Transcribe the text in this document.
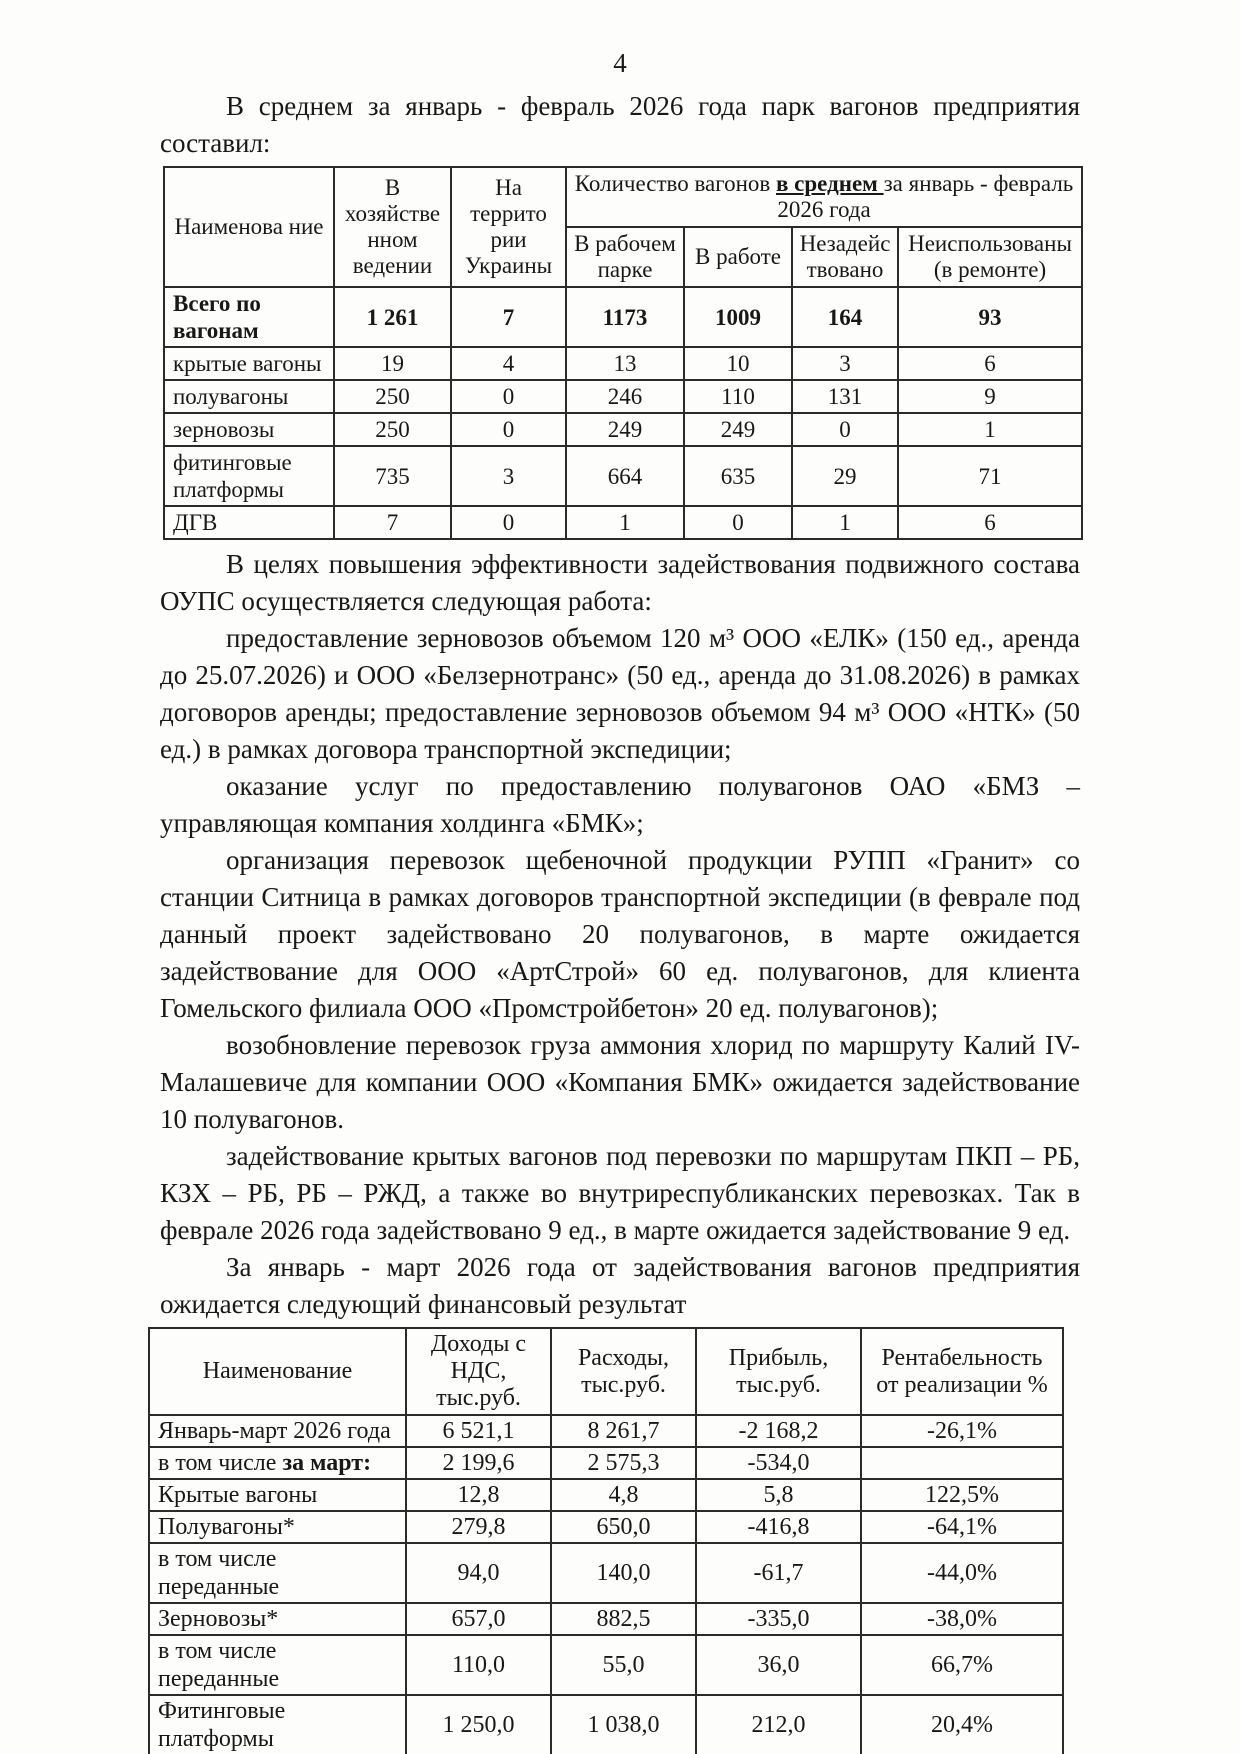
4

В среднем за январь - февраль 2026 года парк вагонов предприятия составил:

Наименова ние	В хозяйстве нном ведении	На террито рии Украины	Количество вагонов в среднем за январь - февраль 2026 года			
			В рабочем парке	В работе	Незадейс твовано	Неиспользованы (в ремонте)
Всего по вагонам	1 261	7	1173	1009	164	93
крытые вагоны	19	4	13	10	3	6
полувагоны	250	0	246	110	131	9
зерновозы	250	0	249	249	0	1
фитинговые платформы	735	3	664	635	29	71
ДГВ	7	0	1	0	1	6

В целях повышения эффективности задействования подвижного состава ОУПС осуществляется следующая работа:

предоставление зерновозов объемом 120 м³ ООО «ЕЛК» (150 ед., аренда до 25.07.2026) и ООО «Белзернотранс» (50 ед., аренда до 31.08.2026) в рамках договоров аренды; предоставление зерновозов объемом 94 м³ ООО «НТК» (50 ед.) в рамках договора транспортной экспедиции;

оказание услуг по предоставлению полувагонов ОАО «БМЗ – управляющая компания холдинга «БМК»;

организация перевозок щебеночной продукции РУПП «Гранит» со станции Ситница в рамках договоров транспортной экспедиции (в феврале под данный проект задействовано 20 полувагонов, в марте ожидается задействование для ООО «АртСтрой» 60 ед. полувагонов, для клиента Гомельского филиала ООО «Промстройбетон» 20 ед. полувагонов);

возобновление перевозок груза аммония хлорид по маршруту Калий IV-Малашевиче для компании ООО «Компания БМК» ожидается задействование 10 полувагонов.

задействование крытых вагонов под перевозки по маршрутам ПКП – РБ, КЗХ – РБ, РБ – РЖД, а также во внутриреспубликанских перевозках. Так в феврале 2026 года задействовано 9 ед., в марте ожидается задействование 9 ед.

За январь - март 2026 года от задействования вагонов предприятия ожидается следующий финансовый результат

Наименование	Доходы с НДС, тыс.руб.	Расходы, тыс.руб.	Прибыль, тыс.руб.	Рентабельность от реализации %
Январь-март 2026 года	6 521,1	8 261,7	-2 168,2	-26,1%
в том числе за март:	2 199,6	2 575,3	-534,0	
Крытые вагоны	12,8	4,8	5,8	122,5%
Полувагоны*	279,8	650,0	-416,8	-64,1%
в том числе переданные	94,0	140,0	-61,7	-44,0%
Зерновозы*	657,0	882,5	-335,0	-38,0%
в том числе переданные	110,0	55,0	36,0	66,7%
Фитинговые платформы	1 250,0	1 038,0	212,0	20,4%
